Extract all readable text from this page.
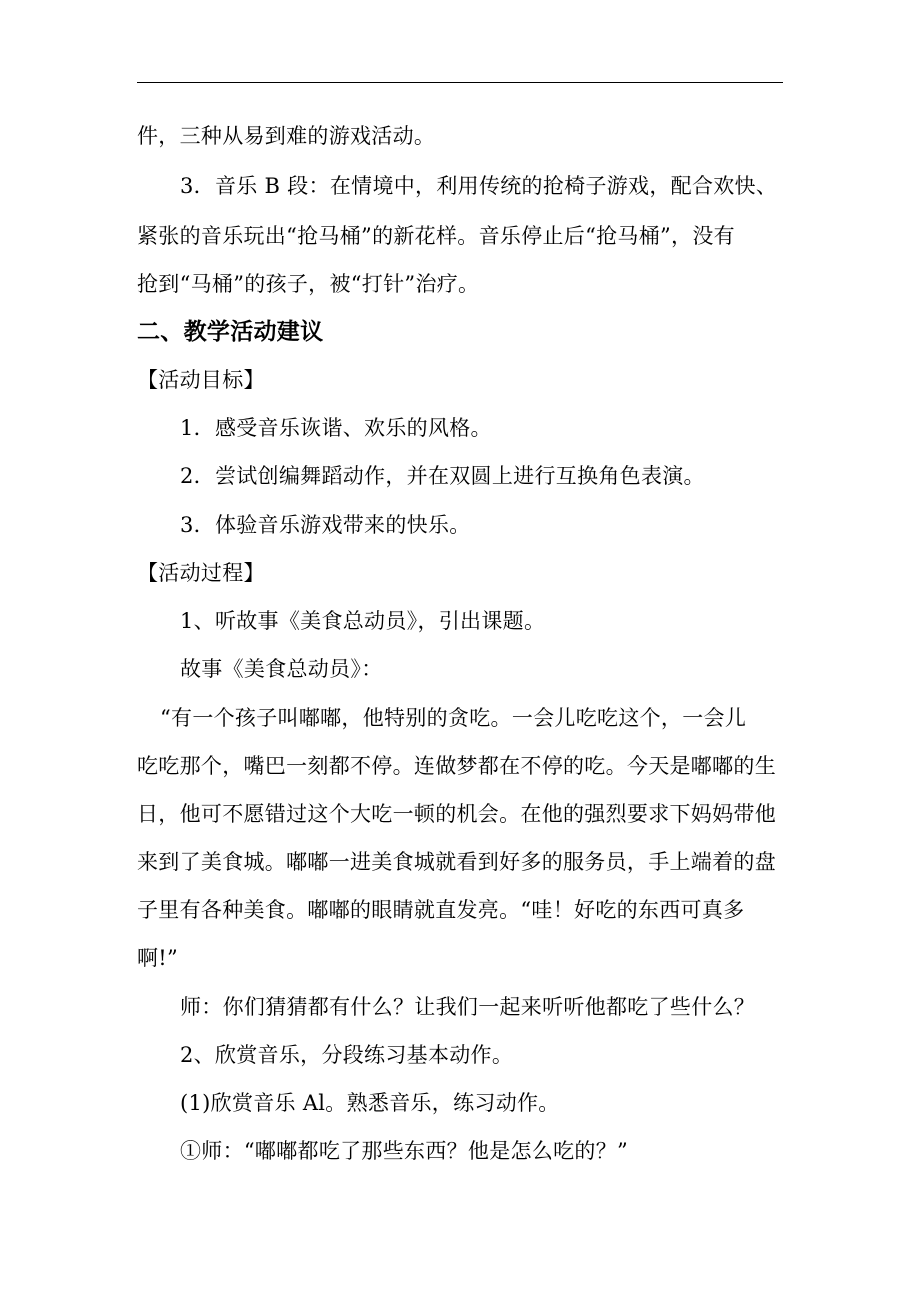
件，三种从易到难的游戏活动。

3．音乐 B 段：在情境中，利用传统的抢椅子游戏，配合欢快、

紧张的音乐玩出“抢马桶”的新花样。音乐停止后“抢马桶”，没有

抢到“马桶”的孩子，被“打针”治疗。

二、教学活动建议

【活动目标】

1．感受音乐诙谐、欢乐的风格。

2．尝试创编舞蹈动作，并在双圆上进行互换角色表演。

3．体验音乐游戏带来的快乐。

【活动过程】

1、听故事《美食总动员》，引出课题。

故事《美食总动员》：

“有一个孩子叫嘟嘟，他特别的贪吃。一会儿吃吃这个，一会儿

吃吃那个，嘴巴一刻都不停。连做梦都在不停的吃。今天是嘟嘟的生

日，他可不愿错过这个大吃一顿的机会。在他的强烈要求下妈妈带他

来到了美食城。嘟嘟一进美食城就看到好多的服务员，手上端着的盘

子里有各种美食。嘟嘟的眼睛就直发亮。“哇！好吃的东西可真多

啊!”

师：你们猜猜都有什么？让我们一起来听听他都吃了些什么？

2、欣赏音乐，分段练习基本动作。

(1)欣赏音乐 Al。熟悉音乐，练习动作。

①师：“嘟嘟都吃了那些东西？他是怎么吃的？”
